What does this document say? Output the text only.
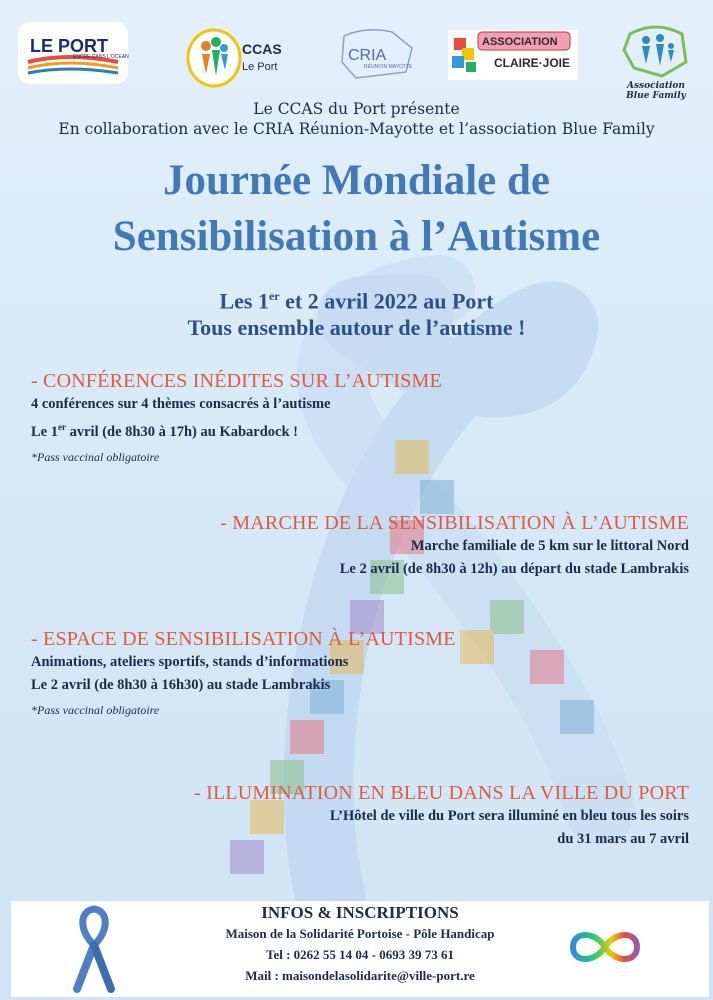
LE PORT
ENCRE DANS L'OCEAN	CCAS
Le Port
CRIA
RÉUNION MAYOTTE
ASSOCIATION
CLAIRE·JOIE
Association
Blue Family
Le CCAS du Port présente
En collaboration avec le CRIA Réunion-Mayotte et l’association Blue Family
Journée Mondiale de
Sensibilisation à l’Autisme
Les 1er et 2 avril 2022 au Port
Tous ensemble autour de l’autisme !
- CONFÉRENCES INÉDITES SUR L’AUTISME
4 conférences sur 4 thèmes consacrés à l’autisme
Le 1er avril (de 8h30 à 17h) au Kabardock !
*Pass vaccinal obligatoire
- MARCHE DE LA SENSIBILISATION À L’AUTISME
Marche familiale de 5 km sur le littoral Nord
Le 2 avril (de 8h30 à 12h) au départ du stade Lambrakis
- ESPACE DE SENSIBILISATION À L’AUTISME
Animations, ateliers sportifs, stands d’informations
Le 2 avril (de 8h30 à 16h30) au stade Lambrakis
*Pass vaccinal obligatoire
- ILLUMINATION EN BLEU DANS LA VILLE DU PORT
L’Hôtel de ville du Port sera illuminé en bleu tous les soirs
du 31 mars au 7 avril
INFOS & INSCRIPTIONS
Maison de la Solidarité Portoise - Pôle Handicap
Tel : 0262 55 14 04 - 0693 39 73 61
Mail : maisondelasolidarite@ville-port.re
